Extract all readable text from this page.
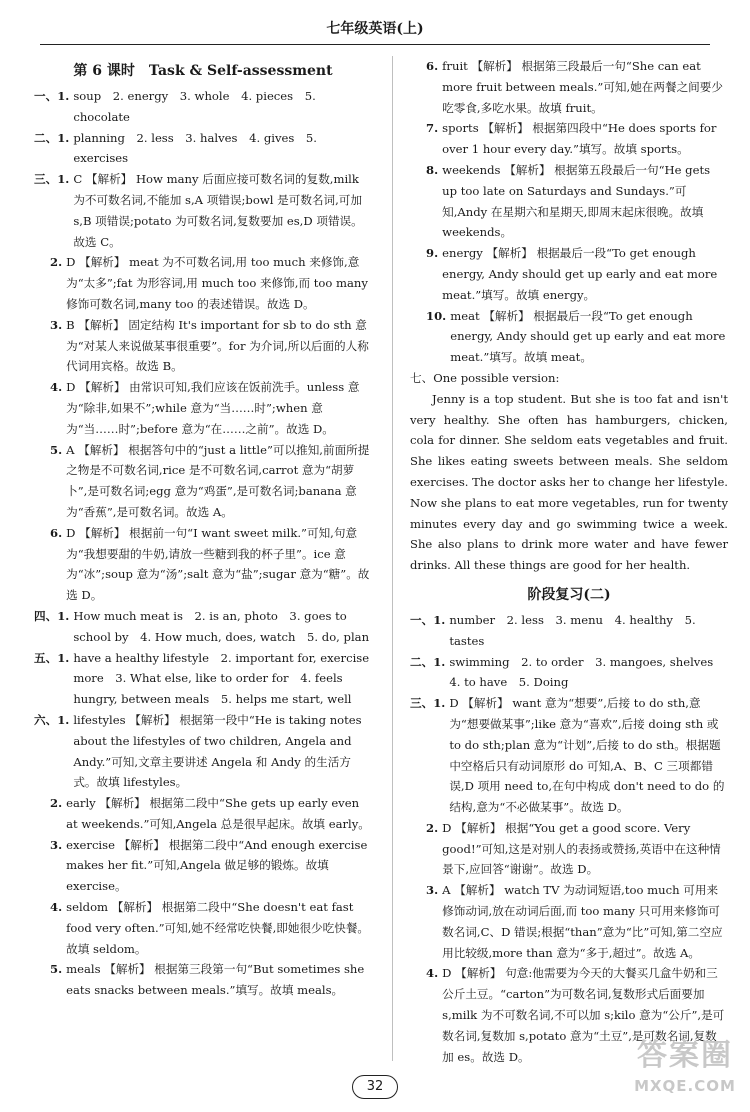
七年级英语(上)
第 6 课时　Task & Self-assessment
一、1. soup　2. energy　3. whole　4. pieces　5. chocolate
二、1. planning　2. less　3. halves　4. gives　5. exercises
三、1. C 【解析】 How many 后面应接可数名词的复数,milk 为不可数名词,不能加 s,A 项错误;bowl 是可数名词,可加 s,B 项错误;potato 为可数名词,复数要加 es,D 项错误。故选 C。
2. D 【解析】 meat 为不可数名词,用 too much 来修饰,意为“太多”;fat 为形容词,用 much too 来修饰,而 too many 修饰可数名词,many too 的表述错误。故选 D。
3. B 【解析】 固定结构 It's important for sb to do sth 意为“对某人来说做某事很重要”。for 为介词,所以后面的人称代词用宾格。故选 B。
4. D 【解析】 由常识可知,我们应该在饭前洗手。unless 意为“除非,如果不”;while 意为“当……时”;when 意为“当……时”;before 意为“在……之前”。故选 D。
5. A 【解析】 根据答句中的“just a little”可以推知,前面所提之物是不可数名词,rice 是不可数名词,carrot 意为“胡萝卜”,是可数名词;egg 意为“鸡蛋”,是可数名词;banana 意为“香蕉”,是可数名词。故选 A。
6. D 【解析】 根据前一句“I want sweet milk.”可知,句意为“我想要甜的牛奶,请放一些糖到我的杯子里”。ice 意为“冰”;soup 意为“汤”;salt 意为“盐”;sugar 意为“糖”。故选 D。
四、1. How much meat is　2. is an, photo　3. goes to school by　4. How much, does, watch　5. do, plan
五、1. have a healthy lifestyle　2. important for, exercise more　3. What else, like to order for　4. feels hungry, between meals　5. helps me start, well
六、1. lifestyles 【解析】 根据第一段中“He is taking notes about the lifestyles of two children, Angela and Andy.”可知,文章主要讲述 Angela 和 Andy 的生活方式。故填 lifestyles。
2. early 【解析】 根据第二段中“She gets up early even at weekends.”可知,Angela 总是很早起床。故填 early。
3. exercise 【解析】 根据第二段中“And enough exercise makes her fit.”可知,Angela 做足够的锻炼。故填 exercise。
4. seldom 【解析】 根据第二段中“She doesn't eat fast food very often.”可知,她不经常吃快餐,即她很少吃快餐。故填 seldom。
5. meals 【解析】 根据第三段第一句“But sometimes she eats snacks between meals.”填写。故填 meals。
6. fruit 【解析】 根据第三段最后一句“She can eat more fruit between meals.”可知,她在两餐之间要少吃零食,多吃水果。故填 fruit。
7. sports 【解析】 根据第四段中“He does sports for over 1 hour every day.”填写。故填 sports。
8. weekends 【解析】 根据第五段最后一句“He gets up too late on Saturdays and Sundays.”可知,Andy 在星期六和星期天,即周末起床很晚。故填 weekends。
9. energy 【解析】 根据最后一段“To get enough energy, Andy should get up early and eat more meat.”填写。故填 energy。
10. meat 【解析】 根据最后一段“To get enough energy, Andy should get up early and eat more meat.”填写。故填 meat。
七、One possible version:
Jenny is a top student. But she is too fat and isn't very healthy. She often has hamburgers, chicken, cola for dinner. She seldom eats vegetables and fruit. She likes eating sweets between meals. She seldom exercises. The doctor asks her to change her lifestyle. Now she plans to eat more vegetables, run for twenty minutes every day and go swimming twice a week. She also plans to drink more water and have fewer drinks. All these things are good for her health.
阶段复习(二)
一、1. number　2. less　3. menu　4. healthy　5. tastes
二、1. swimming　2. to order　3. mangoes, shelves　4. to have　5. Doing
三、1. D 【解析】 want 意为“想要”,后接 to do sth,意为“想要做某事”;like 意为“喜欢”,后接 doing sth 或 to do sth;plan 意为“计划”,后接 to do sth。根据题中空格后只有动词原形 do 可知,A、B、C 三项都错误,D 项用 need to,在句中构成 don't need to do 的结构,意为“不必做某事”。故选 D。
2. D 【解析】 根据“You get a good score. Very good!”可知,这是对别人的表扬或赞扬,英语中在这种情景下,应回答“谢谢”。故选 D。
3. A 【解析】 watch TV 为动词短语,too much 可用来修饰动词,放在动词后面,而 too many 只可用来修饰可数名词,C、D 错误;根据“than”意为“比”可知,第二空应用比较级,more than 意为“多于,超过”。故选 A。
4. D 【解析】 句意:他需要为今天的大餐买几盒牛奶和三公斤土豆。“carton”为可数名词,复数形式后面要加 s,milk 为不可数名词,不可以加 s;kilo 意为“公斤”,是可数名词,复数加 s,potato 意为“土豆”,是可数名词,复数加 es。故选 D。
32
答案圈
MXQE.COM
